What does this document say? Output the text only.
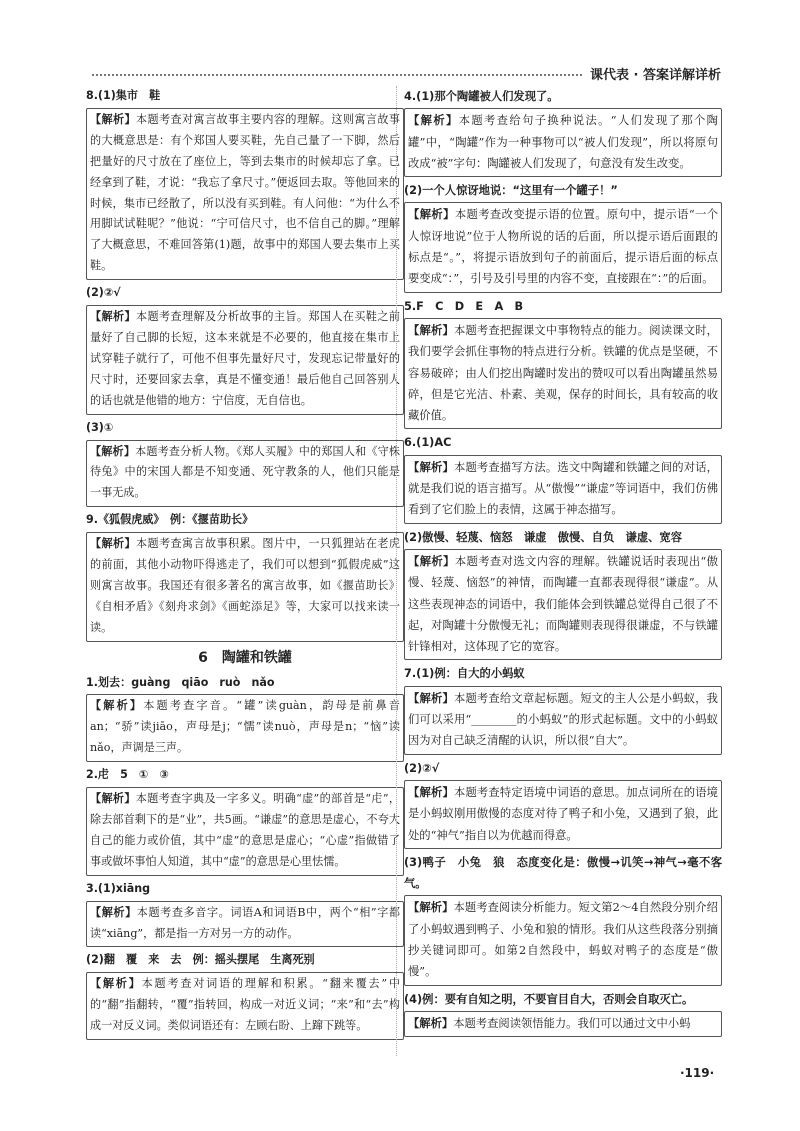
课代表 · 答案详解详析
8.(1)集市　鞋
【解析】本题考查对寓言故事主要内容的理解。这则寓言故事的大概意思是：有个郑国人要买鞋，先自己量了一下脚，然后把量好的尺寸放在了座位上，等到去集市的时候却忘了拿。已经拿到了鞋，才说：“我忘了拿尺寸。”便返回去取。等他回来的时候，集市已经散了，所以没有买到鞋。有人问他：“为什么不用脚试试鞋呢？”他说：“宁可信尺寸，也不信自己的脚。”理解了大概意思，不难回答第(1)题，故事中的郑国人要去集市上买鞋。
(2)②√
【解析】本题考查理解及分析故事的主旨。郑国人在买鞋之前量好了自己脚的长短，这本来就是不必要的，他直接在集市上试穿鞋子就行了，可他不但事先量好尺寸，发现忘记带量好的尺寸时，还要回家去拿，真是不懂变通！最后他自己回答别人的话也就是他错的地方：宁信度，无自信也。
(3)①
【解析】本题考查分析人物。《郑人买履》中的郑国人和《守株待兔》中的宋国人都是不知变通、死守教条的人，他们只能是一事无成。
9.《狐假虎威》　例：《揠苗助长》
【解析】本题考查寓言故事积累。图片中，一只狐狸站在老虎的前面，其他小动物吓得逃走了，我们可以想到“狐假虎威”这则寓言故事。我国还有很多著名的寓言故事，如《揠苗助长》《自相矛盾》《刻舟求剑》《画蛇添足》等，大家可以找来读一读。
6　陶罐和铁罐
1.划去：guàng　qiāo　ruò　nǎo
【解析】本题考查字音。“罐”读guàn，韵母是前鼻音an；“骄”读jiāo，声母是j；“懦”读nuò，声母是n；“恼”读nǎo，声调是三声。
2.虍　5　①　③
【解析】本题考查字典及一字多义。明确“虚”的部首是“虍”，除去部首剩下的是“业”，共5画。“谦虚”的意思是虚心，不夸大自己的能力或价值，其中“虚”的意思是虚心；“心虚”指做错了事或做坏事怕人知道，其中“虚”的意思是心里怯懦。
3.(1)xiāng
【解析】本题考查多音字。词语A和词语B中，两个“相”字都读“xiāng”，都是指一方对另一方的动作。
(2)翻　覆　来　去　例：摇头摆尾　生离死别
【解析】本题考查对词语的理解和积累。“翻来覆去”中的“翻”指翻转，“覆”指转回，构成一对近义词；“来”和“去”构成一对反义词。类似词语还有：左顾右盼、上蹿下跳等。
4.(1)那个陶罐被人们发现了。
【解析】本题考查给句子换种说法。“人们发现了那个陶罐”中，“陶罐”作为一种事物可以“被人们发现”，所以将原句改成“被”字句：陶罐被人们发现了，句意没有发生改变。
(2)一个人惊讶地说：“这里有一个罐子！”
【解析】本题考查改变提示语的位置。原句中，提示语“一个人惊讶地说”位于人物所说的话的后面，所以提示语后面跟的标点是“。”，将提示语放到句子的前面后，提示语后面的标点要变成“：”，引号及引号里的内容不变，直接跟在“：”的后面。
5.F　C　D　E　A　B
【解析】本题考查把握课文中事物特点的能力。阅读课文时，我们要学会抓住事物的特点进行分析。铁罐的优点是坚硬，不容易破碎；由人们挖出陶罐时发出的赞叹可以看出陶罐虽然易碎，但是它光洁、朴素、美观，保存的时间长，具有较高的收藏价值。
6.(1)AC
【解析】本题考查描写方法。选文中陶罐和铁罐之间的对话，就是我们说的语言描写。从“傲慢”“谦虚”等词语中，我们仿佛看到了它们脸上的表情，这属于神态描写。
(2)傲慢、轻蔑、恼怒　谦虚　傲慢、自负　谦虚、宽容
【解析】本题考查对选文内容的理解。铁罐说话时表现出“傲慢、轻蔑、恼怒”的神情，而陶罐一直都表现得很“谦虚”。从这些表现神态的词语中，我们能体会到铁罐总觉得自己很了不起，对陶罐十分傲慢无礼；而陶罐则表现得很谦虚，不与铁罐针锋相对，这体现了它的宽容。
7.(1)例：自大的小蚂蚁
【解析】本题考查给文章起标题。短文的主人公是小蚂蚁，我们可以采用“________的小蚂蚁”的形式起标题。文中的小蚂蚁因为对自己缺乏清醒的认识，所以很“自大”。
(2)②√
【解析】本题考查特定语境中词语的意思。加点词所在的语境是小蚂蚁刚用傲慢的态度对待了鸭子和小兔，又遇到了狼，此处的“神气”指自以为优越而得意。
(3)鸭子　小兔　狼　态度变化是：傲慢→讥笑→神气→毫不客气。
【解析】本题考查阅读分析能力。短文第2～4自然段分别介绍了小蚂蚁遇到鸭子、小兔和狼的情形。我们从这些段落分别摘抄关键词即可。如第2自然段中，蚂蚁对鸭子的态度是“傲慢”。
(4)例：要有自知之明，不要盲目自大，否则会自取灭亡。
【解析】本题考查阅读领悟能力。我们可以通过文中小蚂
·119·
